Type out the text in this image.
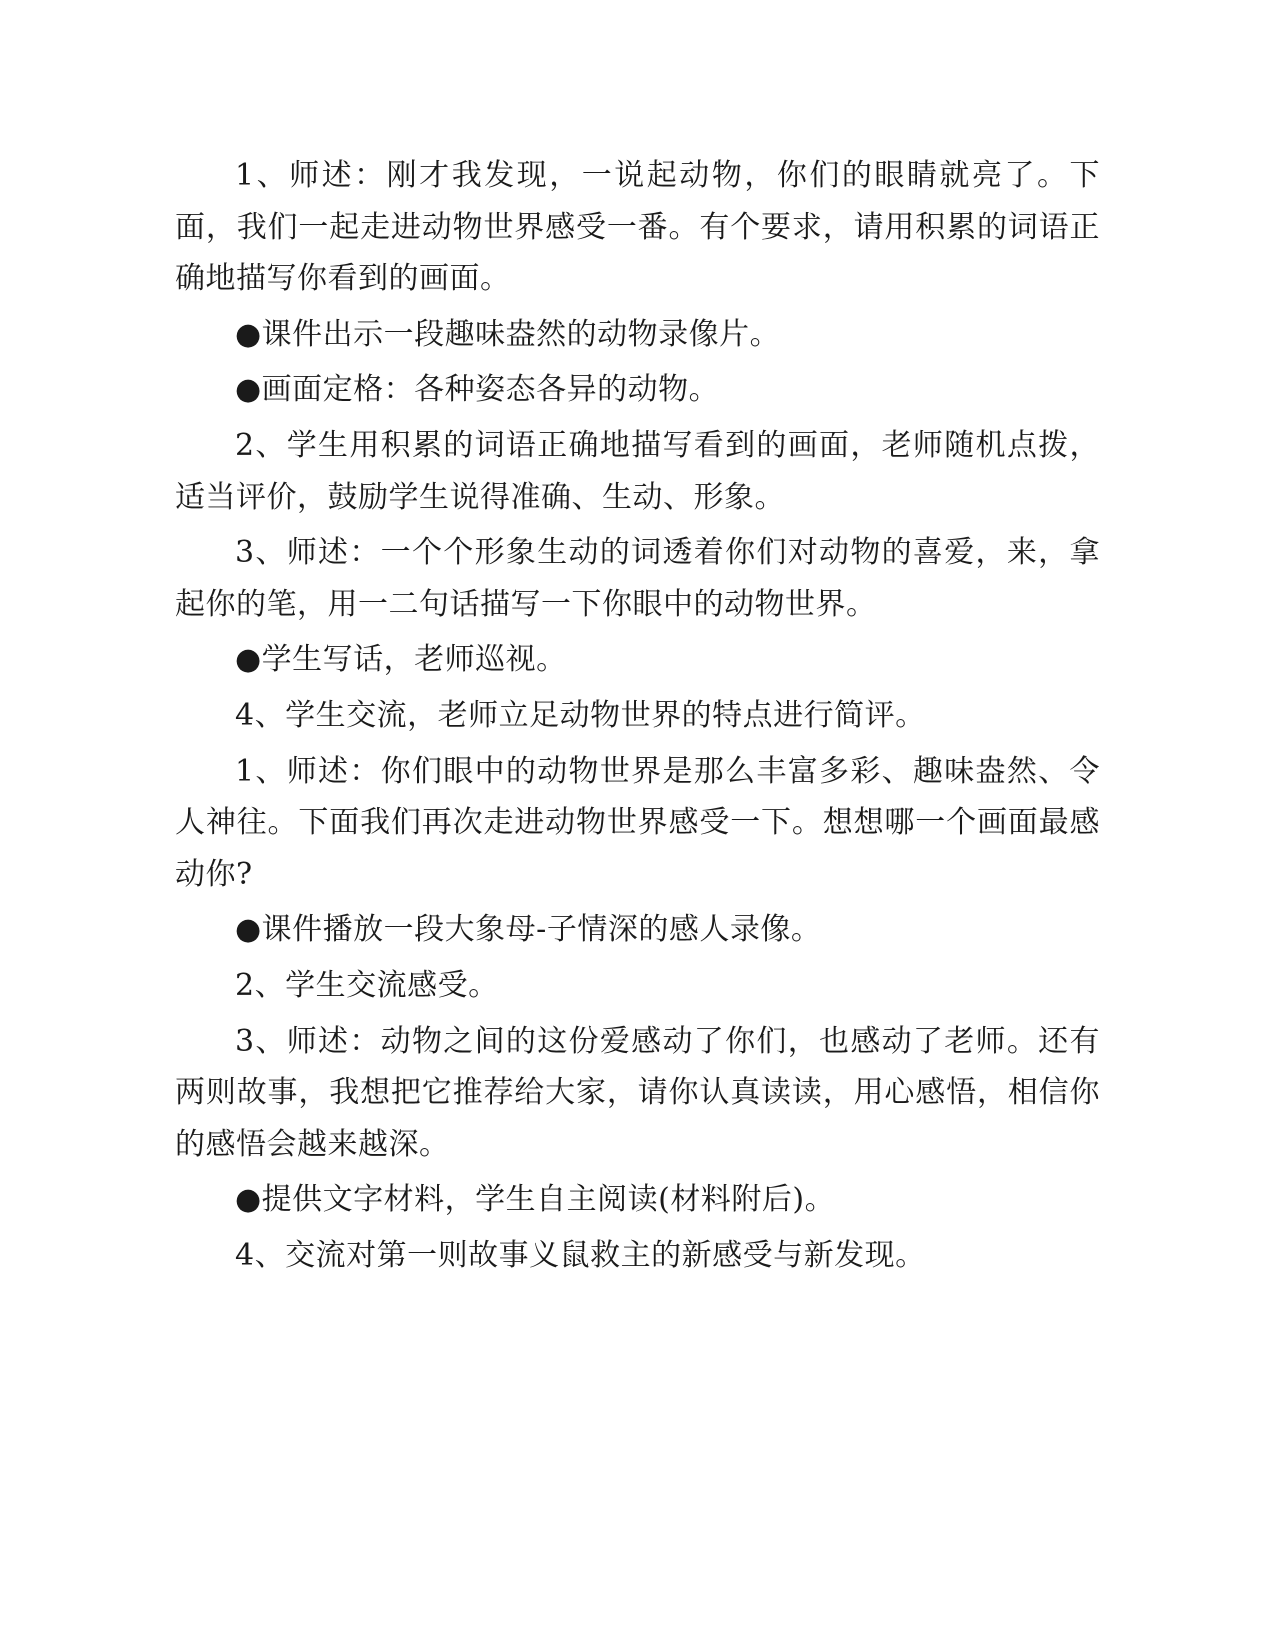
1、师述：刚才我发现，一说起动物，你们的眼睛就亮了。下面，我们一起走进动物世界感受一番。有个要求，请用积累的词语正确地描写你看到的画面。

●课件出示一段趣味盎然的动物录像片。

●画面定格：各种姿态各异的动物。

2、学生用积累的词语正确地描写看到的画面，老师随机点拨，适当评价，鼓励学生说得准确、生动、形象。

3、师述：一个个形象生动的词透着你们对动物的喜爱，来，拿起你的笔，用一二句话描写一下你眼中的动物世界。

●学生写话，老师巡视。

4、学生交流，老师立足动物世界的特点进行简评。

1、师述：你们眼中的动物世界是那么丰富多彩、趣味盎然、令人神往。下面我们再次走进动物世界感受一下。想想哪一个画面最感动你?

●课件播放一段大象母-子情深的感人录像。

2、学生交流感受。

3、师述：动物之间的这份爱感动了你们，也感动了老师。还有两则故事，我想把它推荐给大家，请你认真读读，用心感悟，相信你的感悟会越来越深。

●提供文字材料，学生自主阅读(材料附后)。

4、交流对第一则故事义鼠救主的新感受与新发现。
